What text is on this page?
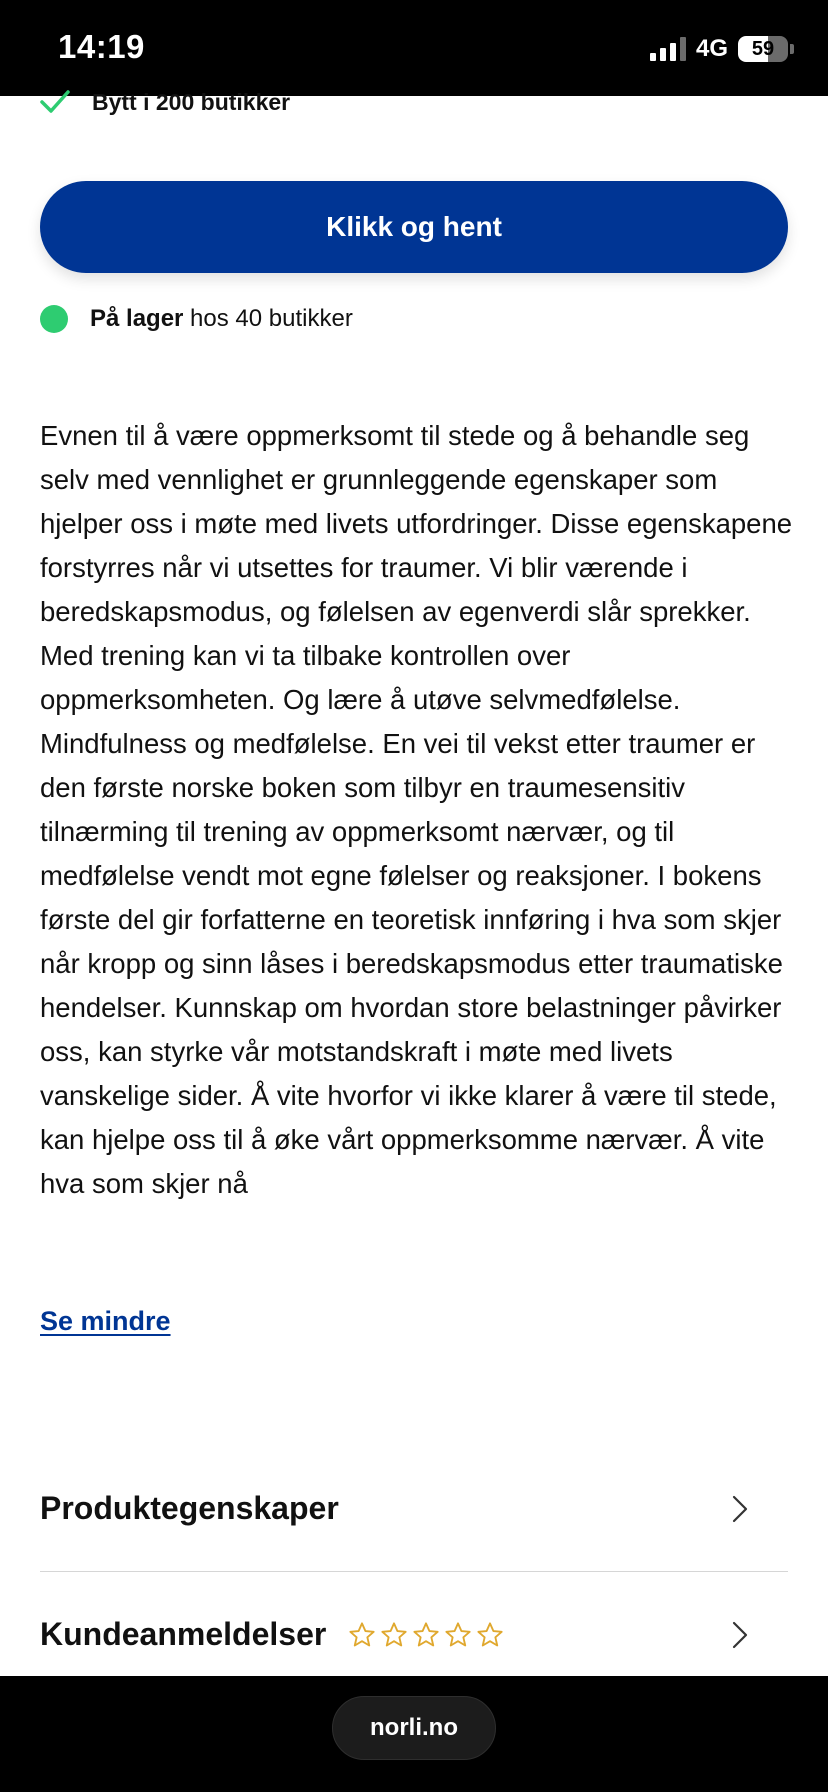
14:19	4G	59
Bytt i 200 butikker
Klikk og hent
På lager hos 40 butikker

Evnen til å være oppmerksomt til stede og å behandle seg selv med vennlighet er grunnleggende egenskaper som hjelper oss i møte med livets utfordringer. Disse egenskapene forstyrres når vi utsettes for traumer. Vi blir værende i beredskapsmodus, og følelsen av egenverdi slår sprekker. Med trening kan vi ta tilbake kontrollen over oppmerksomheten. Og lære å utøve selvmedfølelse. Mindfulness og medfølelse. En vei til vekst etter traumer er den første norske boken som tilbyr en traumesensitiv tilnærming til trening av oppmerksomt nærvær, og til medfølelse vendt mot egne følelser og reaksjoner. I bokens første del gir forfatterne en teoretisk innføring i hva som skjer når kropp og sinn låses i beredskapsmodus etter traumatiske hendelser. Kunnskap om hvordan store belastninger påvirker oss, kan styrke vår motstandskraft i møte med livets vanskelige sider. Å vite hvorfor vi ikke klarer å være til stede, kan hjelpe oss til å øke vårt oppmerksomme nærvær. Å vite hva som skjer nå

Se mindre
Produktegenskaper
Kundeanmeldelser
norli.no
